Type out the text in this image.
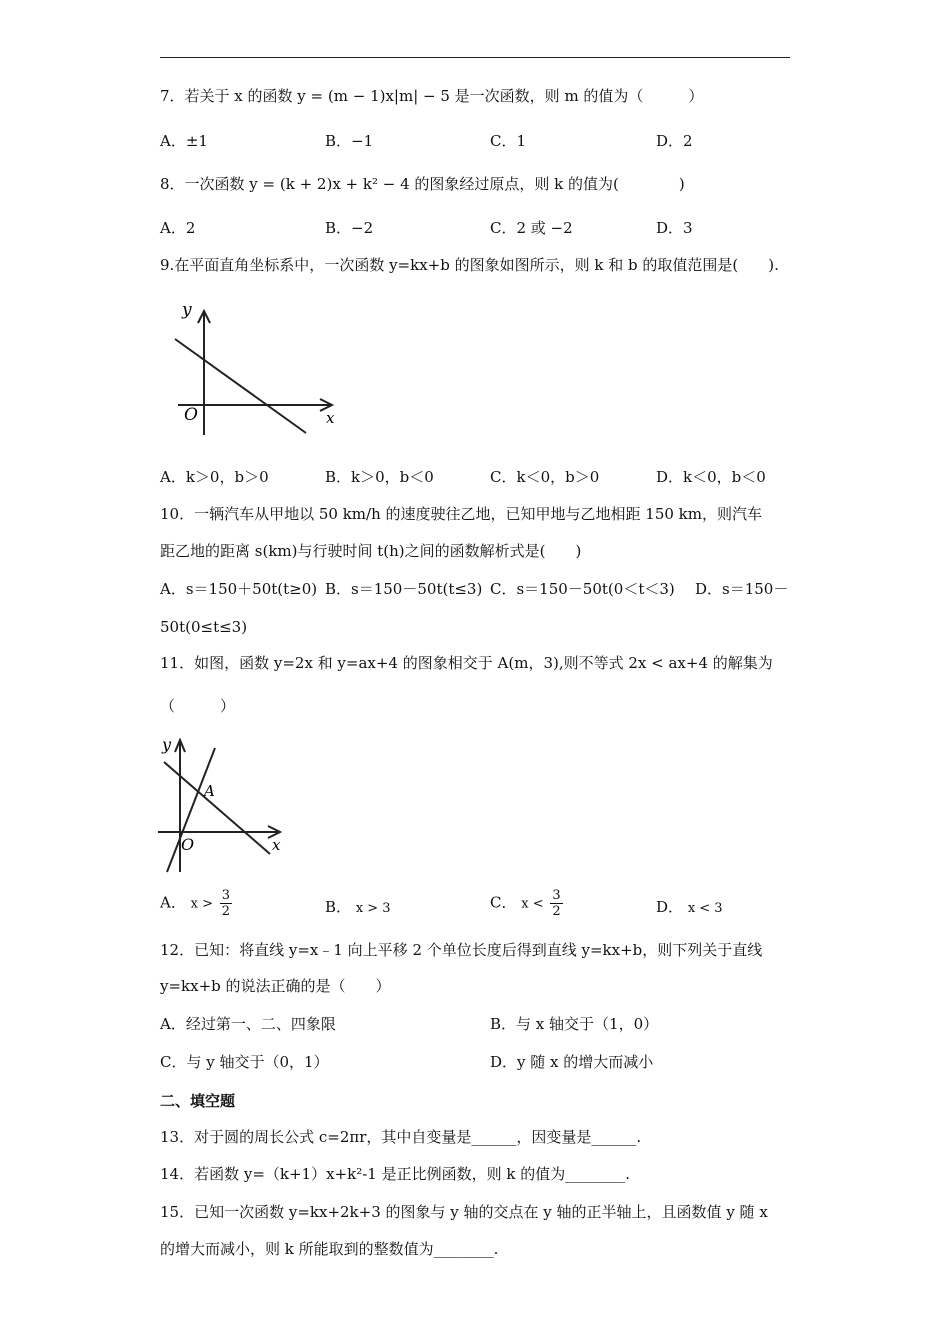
7．若关于 x 的函数 y = (m − 1)x|m| − 5 是一次函数，则 m 的值为（　　　）
A．±1	B．−1	C．1	D．2
8．一次函数 y = (k + 2)x + k² − 4 的图象经过原点，则 k 的值为(　　　　)
A．2	B．−2	C．2 或 −2	D．3
9.在平面直角坐标系中，一次函数 y=kx+b 的图象如图所示，则 k 和 b 的取值范围是(　　).
y
x
O
A．k＞0，b＞0	B．k＞0，b＜0	C．k＜0，b＞0	D．k＜0，b＜0
10．一辆汽车从甲地以 50 km/h 的速度驶往乙地，已知甲地与乙地相距 150 km，则汽车
距乙地的距离 s(km)与行驶时间 t(h)之间的函数解析式是(　　)
A．s＝150＋50t(t≥0) B．s＝150－50t(t≤3) C．s＝150－50t(0＜t＜3) D．s＝150－
50t(0≤t≤3)
11．如图，函数 y=2x 和 y=ax+4 的图象相交于 A(m，3),则不等式 2x < ax+4 的解集为
（　　　）
y
x
O
A
A． $x > \frac{3}{2}$	B． x > 3	C． $x < \frac{3}{2}$	D． x < 3
12．已知：将直线 y=x﹣1 向上平移 2 个单位长度后得到直线 y=kx+b，则下列关于直线
y=kx+b 的说法正确的是（　　）
A．经过第一、二、四象限	B．与 x 轴交于（1，0）
C．与 y 轴交于（0，1）	D．y 随 x 的增大而减小
二、填空题
13．对于圆的周长公式 c=2πr，其中自变量是______，因变量是______.
14．若函数 y=（k+1）x+k²-1 是正比例函数，则 k 的值为________.
15．已知一次函数 y=kx+2k+3 的图象与 y 轴的交点在 y 轴的正半轴上，且函数值 y 随 x
的增大而减小，则 k 所能取到的整数值为________.
